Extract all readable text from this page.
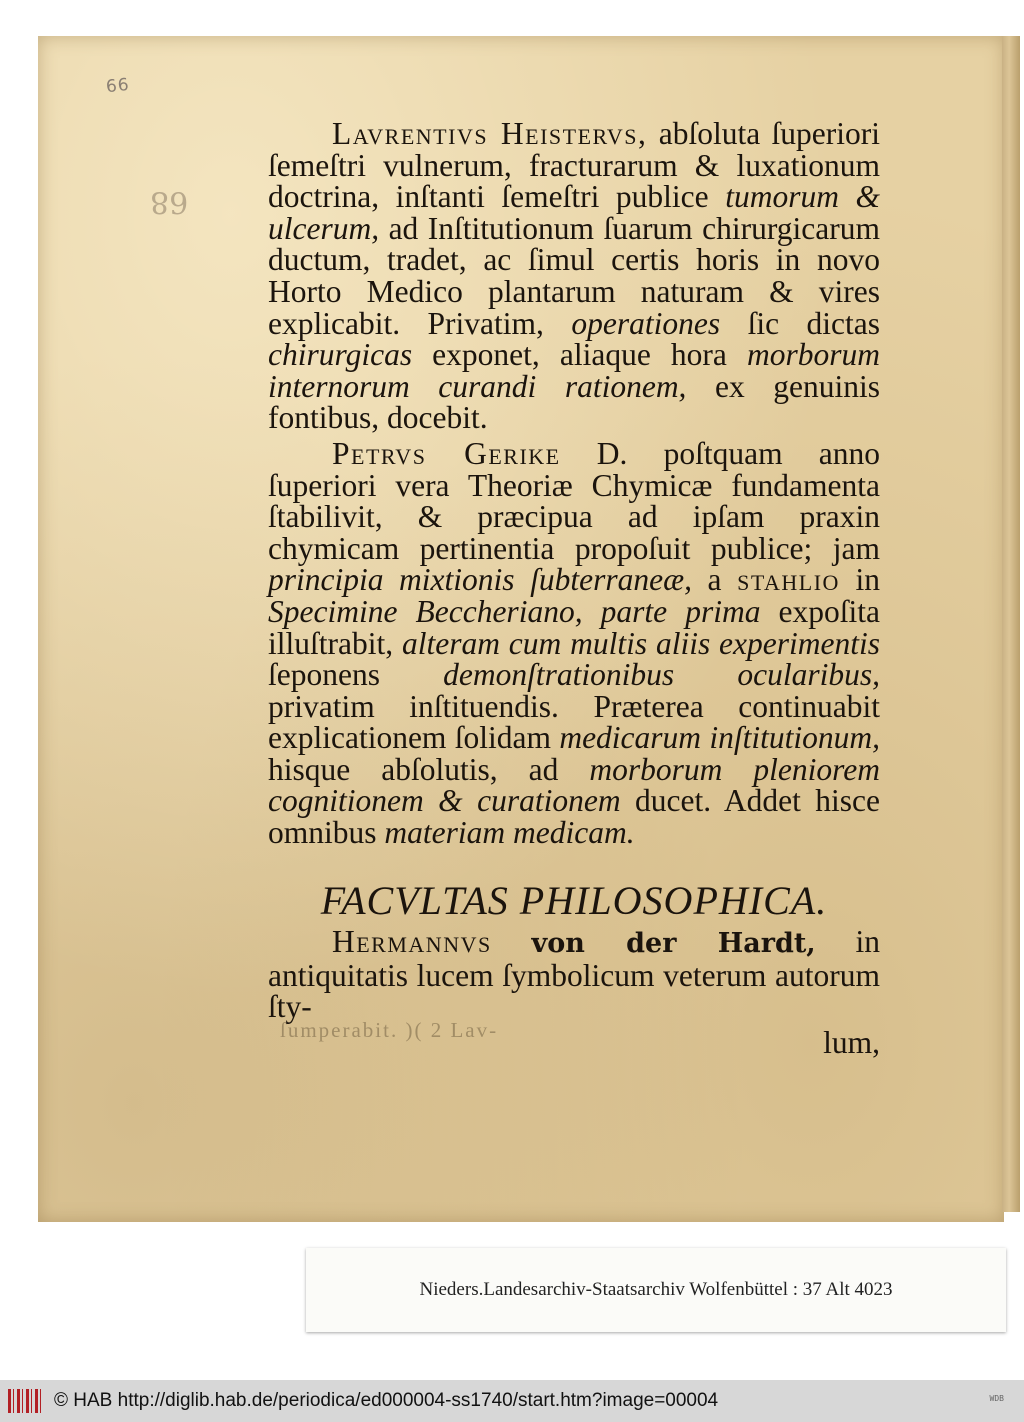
66
68

Lavrentivs Heistervs, abſoluta ſuperiori ſemeſtri vulnerum, fracturarum & luxationum doctrina, inſtanti ſemeſtri publice tumorum & ulcerum, ad Inſtitutionum ſuarum chirurgicarum ductum, tradet, ac ſimul certis horis in novo Horto Medico plantarum naturam & vires explicabit. Privatim, operationes ſic dictas chirurgicas exponet, aliaque hora morborum internorum curandi rationem, ex genuinis fontibus, docebit.

Petrvs Gerike D. poſtquam anno ſuperiori vera Theoriæ Chymicæ fundamenta ſtabilivit, & præcipua ad ipſam praxin chymicam pertinentia propoſuit publice; jam principia mixtionis ſubterraneæ, a stahlio in Specimine Beccheriano, parte prima expoſita illuſtrabit, alteram cum multis aliis experimentis ſeponens demonſtrationibus ocularibus, privatim inſtituendis. Præterea continuabit explicationem ſolidam medicarum inſtitutionum, hisque abſolutis, ad morborum pleniorem cognitionem & curationem ducet. Addet hisce omnibus materiam medicam.

FACVLTAS PHILOSOPHICA.

Hermannvs von der Hardt, in antiquitatis lucem ſymbolicum veterum autorum ſty-

lum,
ſumperabit. )( 2 Lav-
Nieders.Landesarchiv-Staatsarchiv Wolfenbüttel : 37 Alt 4023
© HAB http://diglib.hab.de/periodica/ed000004-ss1740/start.htm?image=00004	WDB
